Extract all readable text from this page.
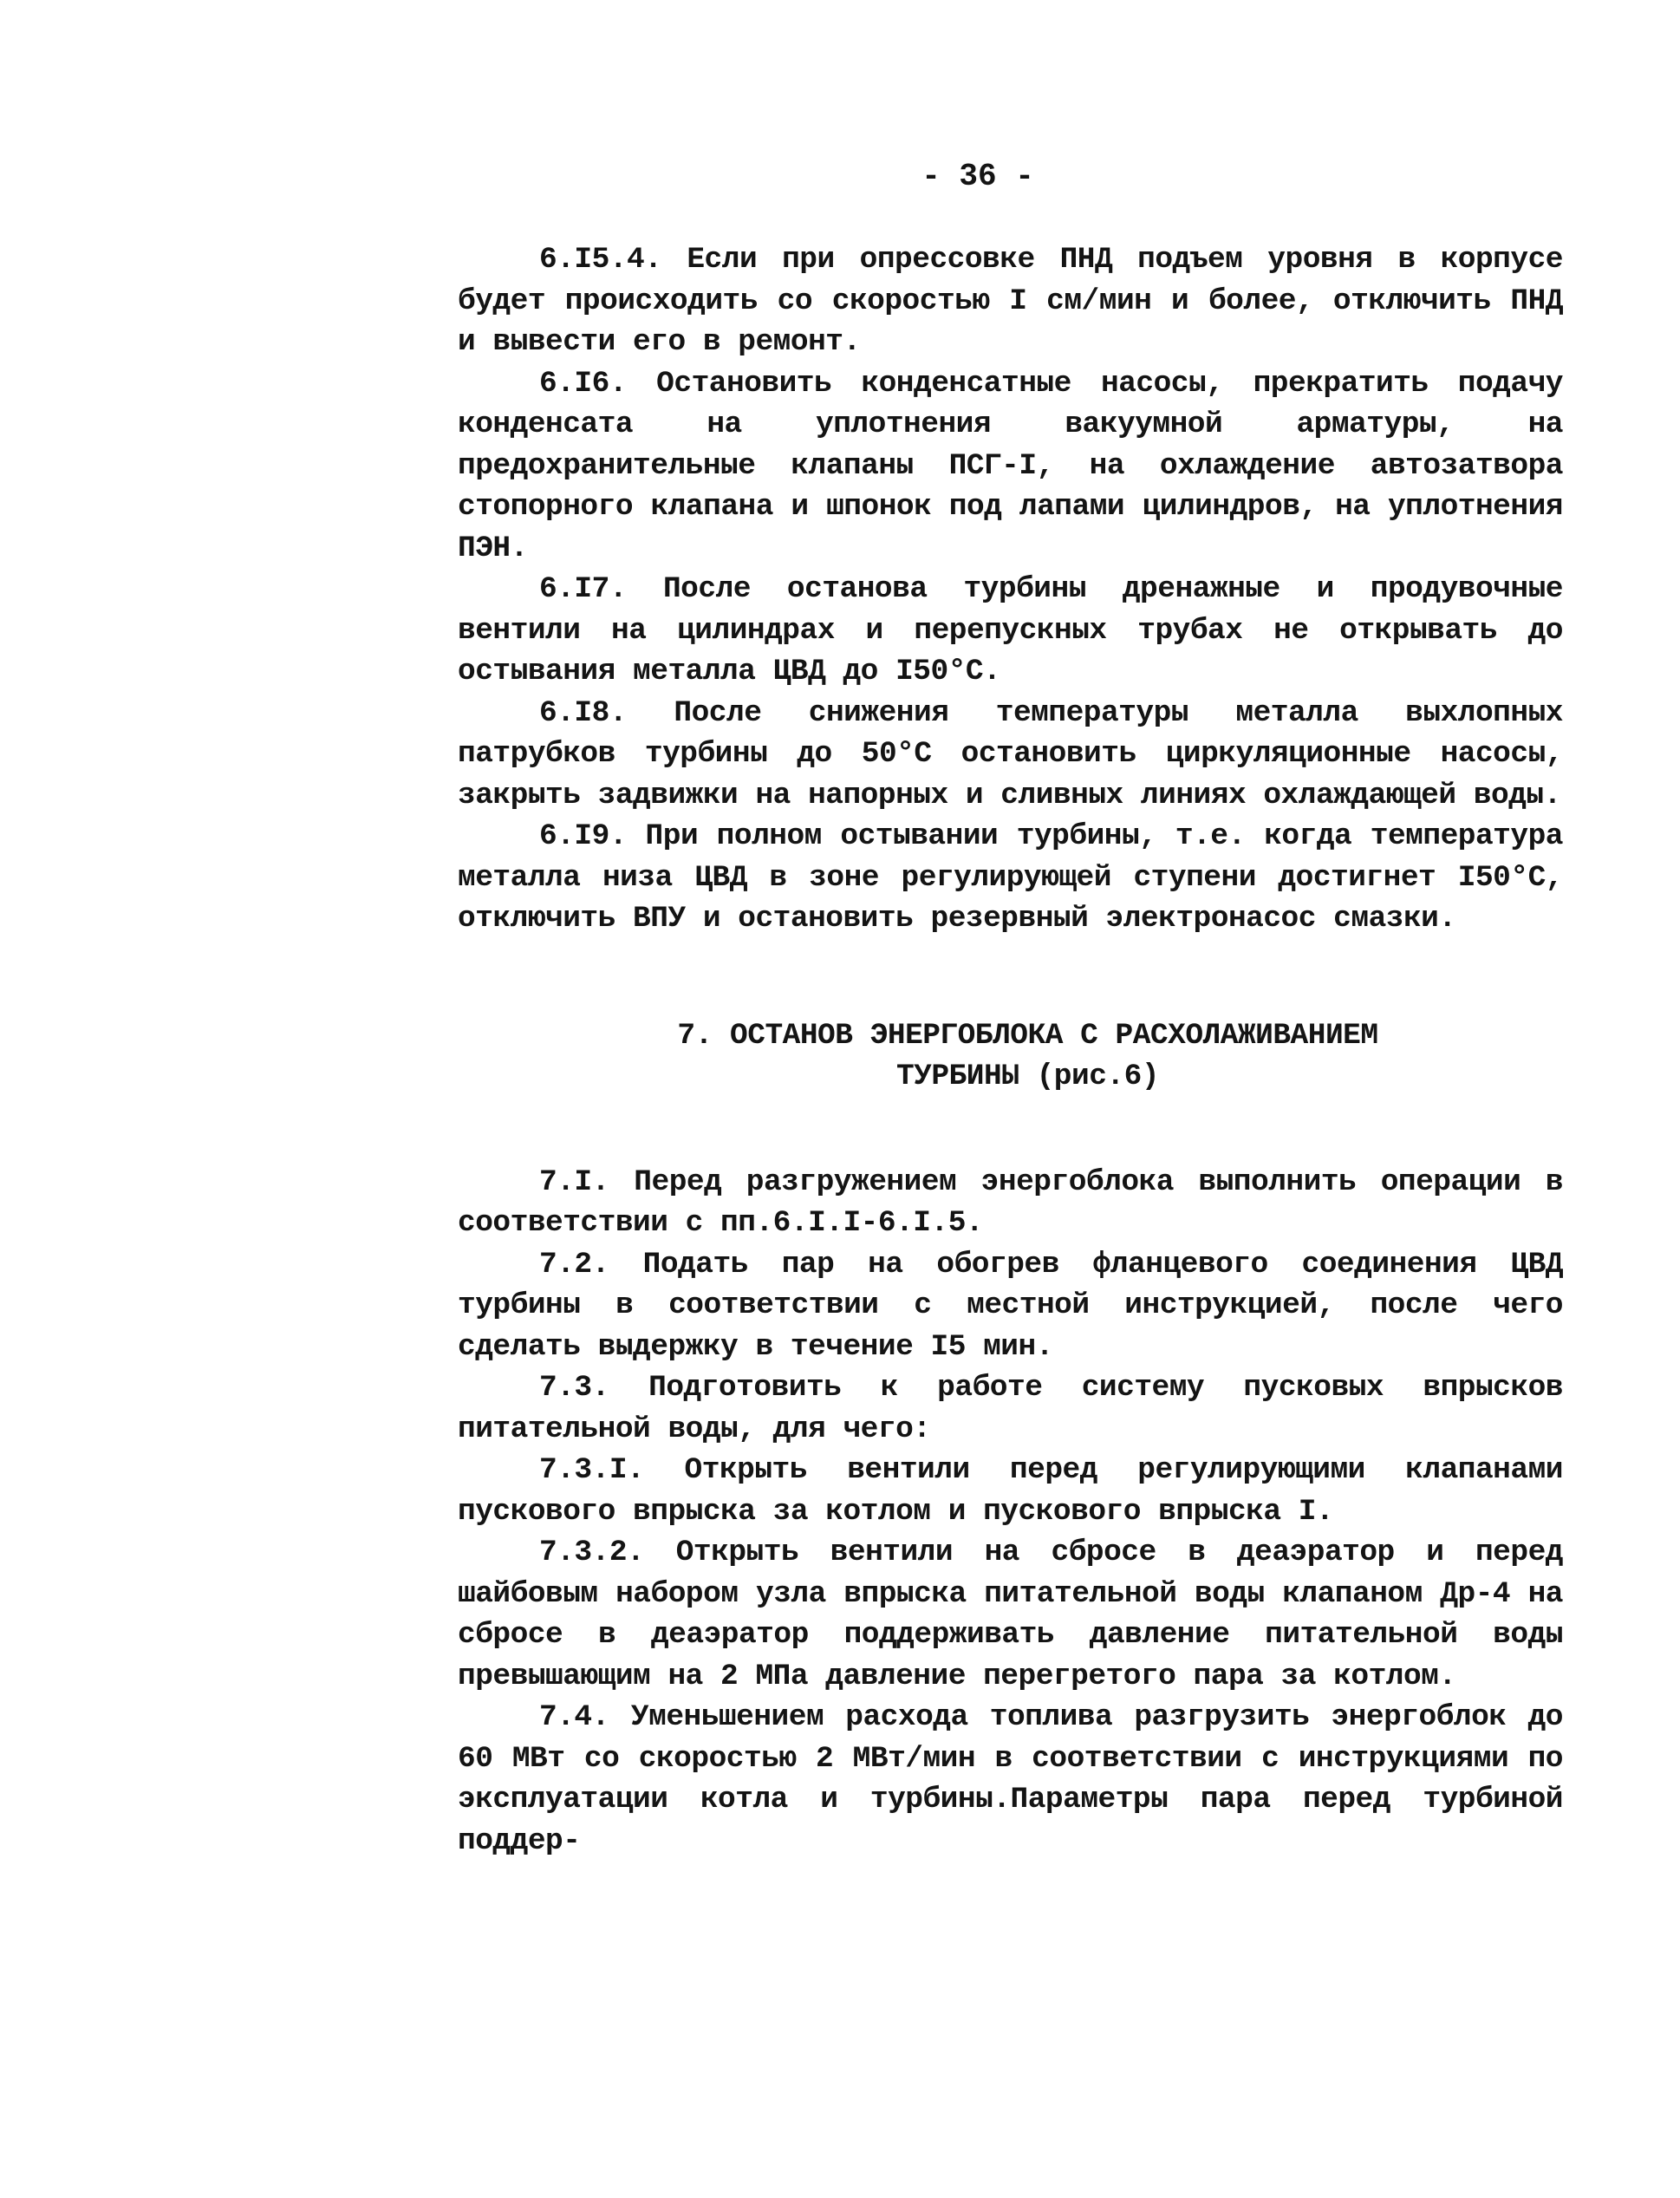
- 36 -

6.I5.4. Если при опрессовке ПНД подъем уровня в корпусе будет происходить со скоростью I см/мин и более, отключить ПНД и вывести его в ремонт.

6.I6. Остановить конденсатные насосы, прекратить подачу конденсата на уплотнения вакуумной арматуры, на предохранительные клапаны ПСГ-I, на охлаждение автозатвора стопорного клапана и шпонок под лапами цилиндров, на уплотнения ПЭН.

6.I7. После останова турбины дренажные и продувочные вентили на цилиндрах и перепускных трубах не открывать до остывания металла ЦВД до I50°С.

6.I8. После снижения температуры металла выхлопных патрубков турбины до 50°С остановить циркуляционные насосы, закрыть задвижки на напорных и сливных линиях охлаждающей воды.

6.I9. При полном остывании турбины, т.е. когда температура металла низа ЦВД в зоне регулирующей ступени достигнет I50°С, отключить ВПУ и остановить резервный электронасос смазки.

7. ОСТАНОВ ЭНЕРГОБЛОКА С РАСХОЛАЖИВАНИЕМ
ТУРБИНЫ (рис.6)

7.I. Перед разгружением энергоблока выполнить операции в соответствии с пп.6.I.I-6.I.5.

7.2. Подать пар на обогрев фланцевого соединения ЦВД турбины в соответствии с местной инструкцией, после чего сделать выдержку в течение I5 мин.

7.3. Подготовить к работе систему пусковых впрысков питательной воды, для чего:

7.3.I. Открыть вентили перед регулирующими клапанами пускового впрыска за котлом и пускового впрыска I.

7.3.2. Открыть вентили на сбросе в деаэратор и перед шайбовым набором узла впрыска питательной воды клапаном Др-4 на сбросе в деаэратор поддерживать давление питательной воды превышающим на 2 МПа давление перегретого пара за котлом.

7.4. Уменьшением расхода топлива разгрузить энергоблок до 60 МВт со скоростью 2 МВт/мин в соответствии с инструкциями по эксплуатации котла и турбины.Параметры пара перед турбиной поддер-
